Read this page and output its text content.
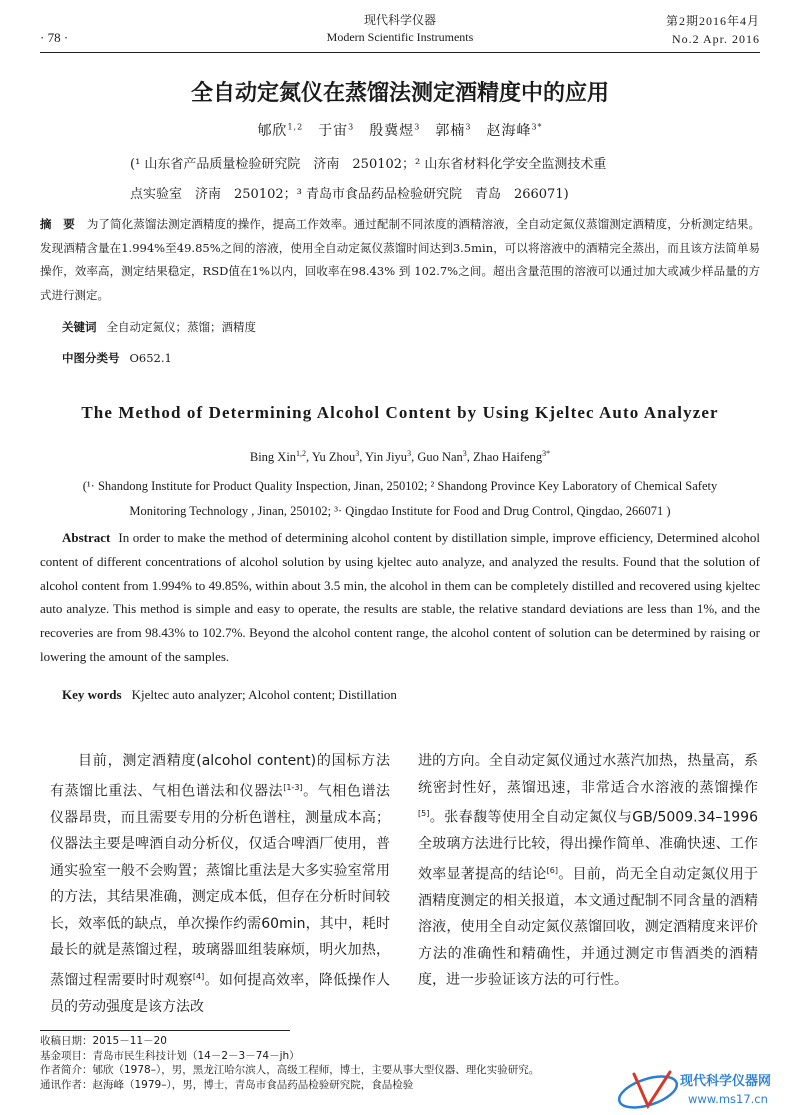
· 78 ·
现代科学仪器
Modern Scientific Instruments
第2期2016年4月
No.2 Apr. 2016
全自动定氮仪在蒸馏法测定酒精度中的应用
郇欣$^{1,2}$　于宙$^3$　殷冀煜$^3$　郭楠$^3$　赵海峰$^{3*}$
(¹ 山东省产品质量检验研究院　济南　250102；² 山东省材料化学安全监测技术重
点实验室　济南　250102；³ 青岛市食品药品检验研究院　青岛　266071)
摘　要 为了简化蒸馏法测定酒精度的操作，提高工作效率。通过配制不同浓度的酒精溶液，全自动定氮仪蒸馏测定酒精度，分析测定结果。发现酒精含量在1.994%至49.85%之间的溶液，使用全自动定氮仪蒸馏时间达到3.5min，可以将溶液中的酒精完全蒸出，而且该方法简单易操作，效率高，测定结果稳定，RSD值在1%以内，回收率在98.43% 到 102.7%之间。超出含量范围的溶液可以通过加大或减少样品量的方式进行测定。
关键词 全自动定氮仪；蒸馏；酒精度
中图分类号 O652.1
The Method of Determining Alcohol Content by Using Kjeltec Auto Analyzer
Bing Xin$^{1,2}$, Yu Zhou$^3$, Yin Jiyu$^3$, Guo Nan$^3$, Zhao Haifeng$^{3*}$
(¹· Shandong Institute for Product Quality Inspection, Jinan, 250102; ² Shandong Province Key Laboratory of Chemical Safety
Monitoring Technology , Jinan, 250102; ³· Qingdao Institute for Food and Drug Control, Qingdao, 266071 )
Abstract In order to make the method of determining alcohol content by distillation simple, improve efficiency, Determined alcohol content of different concentrations of alcohol solution by using kjeltec auto analyze, and analyzed the results. Found that the solution of alcohol content from 1.994% to 49.85%, within about 3.5 min, the alcohol in them can be completely distilled and recovered using kjeltec auto analyze. This method is simple and easy to operate, the results are stable, the relative standard deviations are less than 1%, and the recoveries are from 98.43% to 102.7%. Beyond the alcohol content range, the alcohol content of solution can be determined by raising or lowering the amount of the samples.
Key words Kjeltec auto analyzer; Alcohol content; Distillation
目前，测定酒精度(alcohol content)的国标方法有蒸馏比重法、气相色谱法和仪器法[1-3]。气相色谱法仪器昂贵，而且需要专用的分析色谱柱，测量成本高；仪器法主要是啤酒自动分析仪，仅适合啤酒厂使用，普通实验室一般不会购置；蒸馏比重法是大多实验室常用的方法，其结果准确，测定成本低，但存在分析时间较长，效率低的缺点，单次操作约需60min，其中，耗时最长的就是蒸馏过程，玻璃器皿组装麻烦，明火加热，蒸馏过程需要时时观察[4]。如何提高效率，降低操作人员的劳动强度是该方法改
进的方向。全自动定氮仪通过水蒸汽加热，热量高，系统密封性好，蒸馏迅速，非常适合水溶液的蒸馏操作[5]。张春馥等使用全自动定氮仪与GB/5009.34–1996全玻璃方法进行比较，得出操作简单、准确快速、工作效率显著提高的结论[6]。目前，尚无全自动定氮仪用于酒精度测定的相关报道，本文通过配制不同含量的酒精溶液，使用全自动定氮仪蒸馏回收，测定酒精度来评价方法的准确性和精确性，并通过测定市售酒类的酒精度，进一步验证该方法的可行性。
收稿日期：2015－11－20
基金项目：青岛市民生科技计划（14－2－3－74－jh）
作者简介：郇欣（1978–），男，黑龙江哈尔滨人，高级工程师，博士，主要从事大型仪器、理化实验研究。
通讯作者：赵海峰（1979–），男，博士，青岛市食品药品检验研究院，食品检验	现代科学仪器网
www.ms17.cn
